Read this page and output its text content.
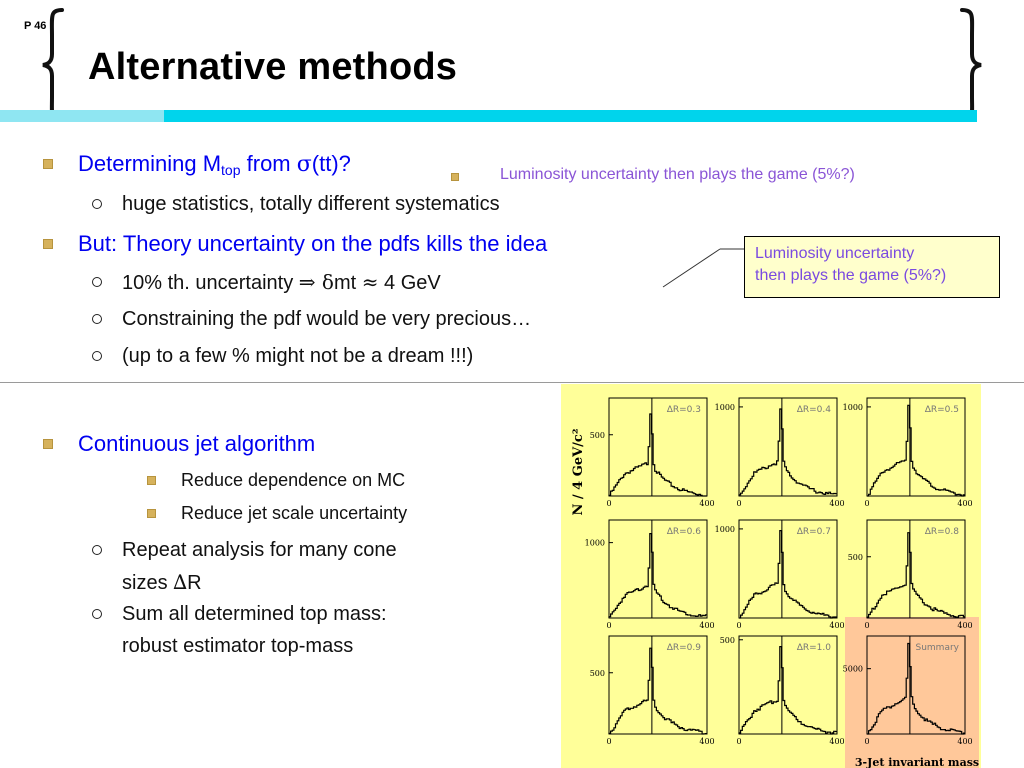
P 46
Alternative methods
Determining $M_{top}$ from σ(tt)?	Luminosity uncertainty then plays the game (5%?)
huge statistics, totally different systematics
But: Theory uncertainty on the pdfs kills the idea
10% th. uncertainty ⇒ δmt ≈ 4 GeV
Constraining the pdf would be very precious…
(up to a few % might not be a dream !!!)
Luminosity uncertainty
then plays the game (5%?)
Continuous jet algorithm
Reduce dependence on MC
Reduce jet scale uncertainty
Repeat analysis for many cone
sizes ∆R
Sum all determined top mass:
robust estimator top-mass
N / 4 GeV/c²
3-Jet invariant mass
∆R=0.3
500
0	400
∆R=0.4
1000
0	400
∆R=0.5
1000
0	400
∆R=0.6
1000
0	400
∆R=0.7
1000
0	400
∆R=0.8
500
0	400
∆R=0.9
500
0	400
∆R=1.0
500
0	400
Summary
5000
0	400
